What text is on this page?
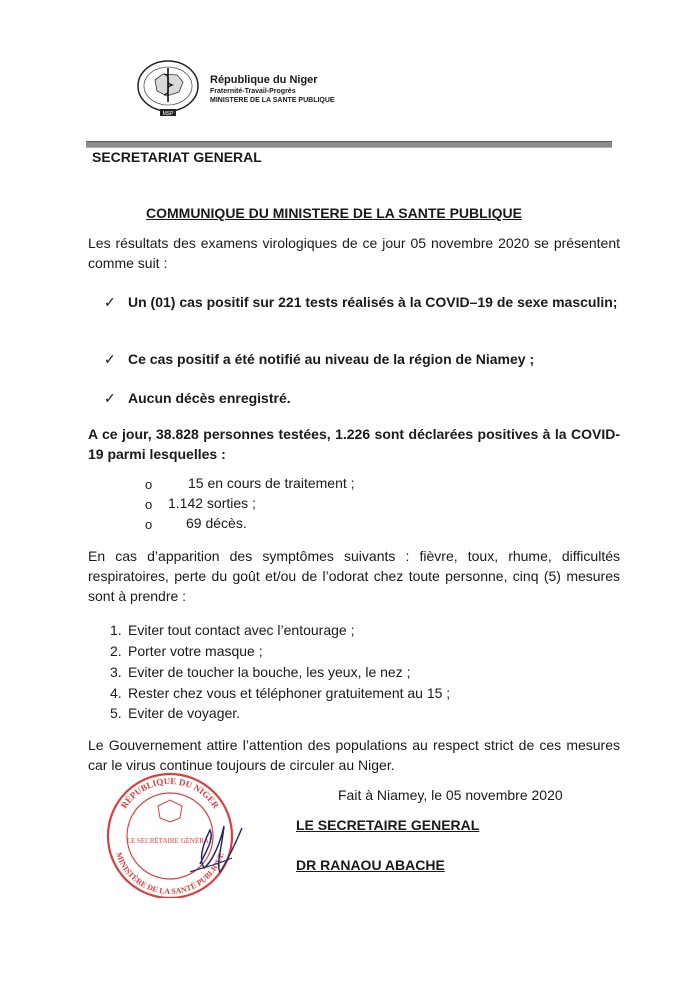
MSP
République du Niger
Fraternité-Travail-Progrès
MINISTERE DE LA SANTE PUBLIQUE
SECRETARIAT GENERAL
COMMUNIQUE DU MINISTERE DE LA SANTE PUBLIQUE
Les résultats des examens virologiques de ce jour 05 novembre 2020 se présentent comme suit :
✓ Un (01) cas positif sur 221 tests réalisés à la COVID–19 de sexe masculin;
✓ Ce cas positif a été notifié au niveau de la région de Niamey ;
✓ Aucun décès enregistré.
A ce jour, 38.828 personnes testées, 1.226 sont déclarées positives à la COVID- 19 parmi lesquelles :
o	15 en cours de traitement ;
o 1.142 sorties ;
o 69 décès.
En cas d’apparition des symptômes suivants : fièvre, toux, rhume, difficultés respiratoires, perte du goût et/ou de l’odorat chez toute personne, cinq (5) mesures sont à prendre :
1. Eviter tout contact avec l’entourage ;
2. Porter votre masque ;
3. Eviter de toucher la bouche, les yeux, le nez ;
4. Rester chez vous et téléphoner gratuitement au 15 ;
5. Eviter de voyager.
Le Gouvernement attire l’attention des populations au respect strict de ces mesures car le virus continue toujours de circuler au Niger.
Fait à Niamey, le 05 novembre 2020
LE SECRETAIRE GENERAL
DR RANAOU ABACHE
RÉPUBLIQUE DU NIGER
MINISTÈRE DE LA SANTÉ PUBLIQUE
LE SECRÉTAIRE GÉNÉRAL
